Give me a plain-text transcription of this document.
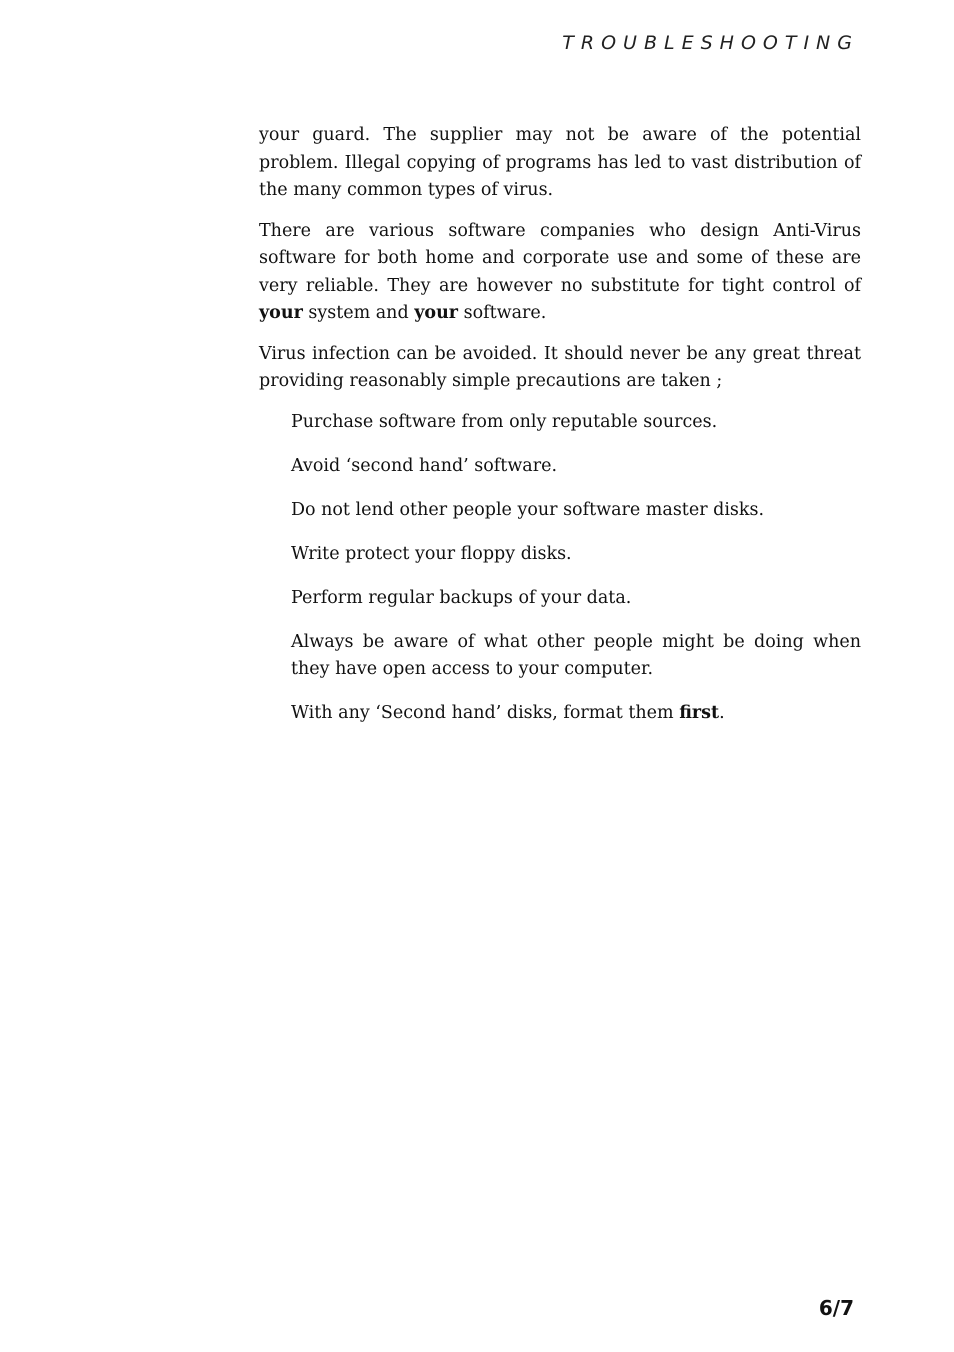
TROUBLESHOOTING

your guard. The supplier may not be aware of the potential problem. Illegal copying of programs has led to vast distribution of the many common types of virus.

There are various software companies who design Anti-Virus software for both home and corporate use and some of these are very reliable. They are however no substitute for tight control of your system and your software.

Virus infection can be avoided. It should never be any great threat providing reasonably simple precautions are taken ;

Purchase software from only reputable sources.
Avoid ‘second hand’ software.
Do not lend other people your software master disks.
Write protect your floppy disks.
Perform regular backups of your data.
Always be aware of what other people might be doing when they have open access to your computer.
With any ‘Second hand’ disks, format them first.

6/7
